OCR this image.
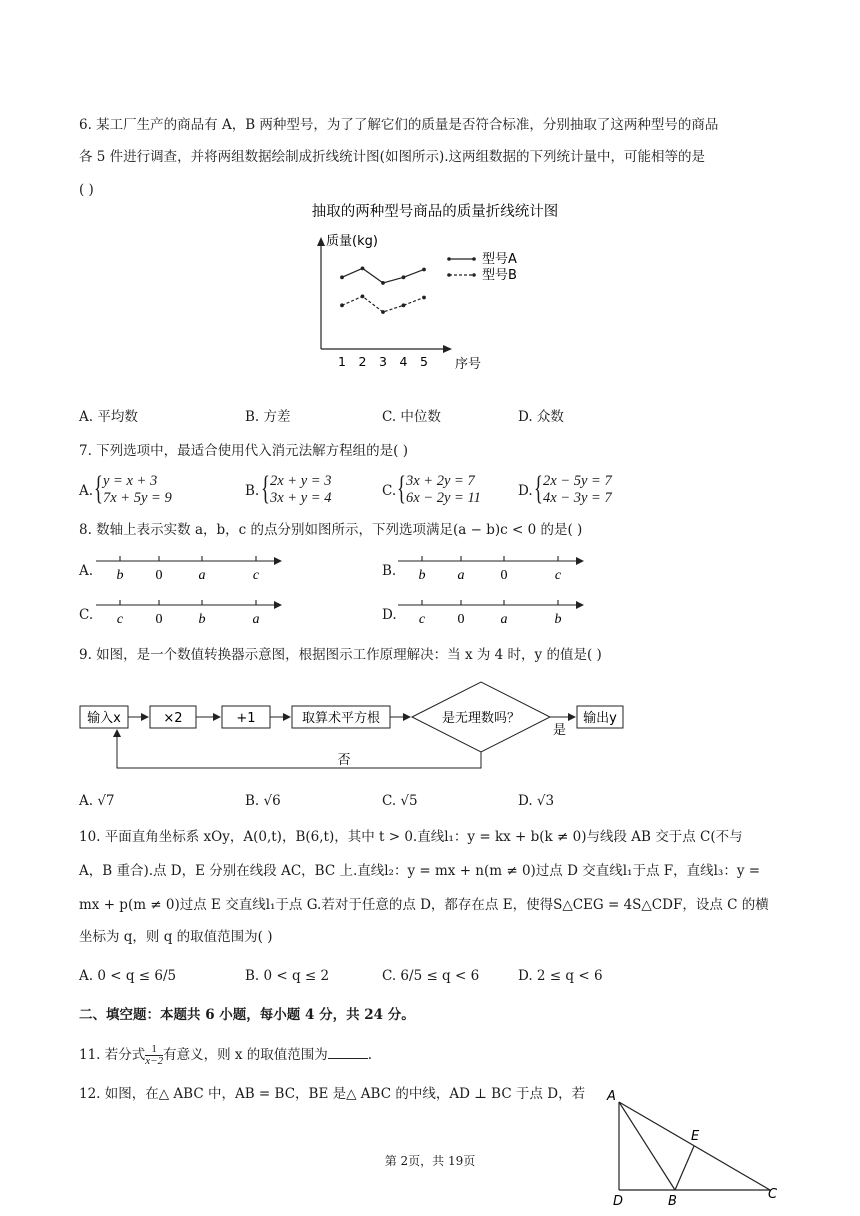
6. 某工厂生产的商品有 A，B 两种型号，为了了解它们的质量是否符合标准，分别抽取了这两种型号的商品
各 5 件进行调查，并将两组数据绘制成折线统计图(如图所示).这两组数据的下列统计量中，可能相等的是
( )
抽取的两种型号商品的质量折线统计图
质量(kg)
序号
1 2 3 4 5
型号A
型号B
A. 平均数	B. 方差	C. 中位数	D. 众数
7. 下列选项中，最适合使用代入消元法解方程组的是( )
A. { y = x + 3
7x + 5y = 9	B. { 2x + y = 3
3x + y = 4	C. { 3x + 2y = 7
6x − 2y = 11	D. { 2x − 5y = 7
4x − 3y = 7
8. 数轴上表示实数 a，b，c 的点分别如图所示，下列选项满足(a − b)c < 0 的是( )
A. b 0	a	c	B. b a	0	c
C. c 0	b	a	D. c 0	a	b
9. 如图，是一个数值转换器示意图，根据图示工作原理解决：当 x 为 4 时，y 的值是( )
输入x	×2	+1	取算术平方根	是无理数吗？
是
输出y
否
A. √7	B. √6	C. √5	D. √3
10. 平面直角坐标系 xOy，A(0,t)，B(6,t)，其中 t > 0.直线l₁：y = kx + b(k ≠ 0)与线段 AB 交于点 C(不与
A，B 重合).点 D，E 分别在线段 AC，BC 上.直线l₂：y = mx + n(m ≠ 0)过点 D 交直线l₁于点 F，直线l₃：y =
mx + p(m ≠ 0)过点 E 交直线l₁于点 G.若对于任意的点 D，都存在点 E，使得S△CEG = 4S△CDF，设点 C 的横
坐标为 q，则 q 的取值范围为( )
A. 0 < q ≤ 6/5	B. 0 < q ≤ 2	C. 6/5 ≤ q < 6	D. 2 ≤ q < 6
二、填空题：本题共 6 小题，每小题 4 分，共 24 分。
11. 若分式 $\frac{1}{x-2}$ 有意义，则 x 的取值范围为	.
12. 如图，在△ ABC 中，AB = BC，BE 是△ ABC 的中线，AD ⊥ BC 于点 D，若 A
E
D	B	C
第 2页，共 19页
